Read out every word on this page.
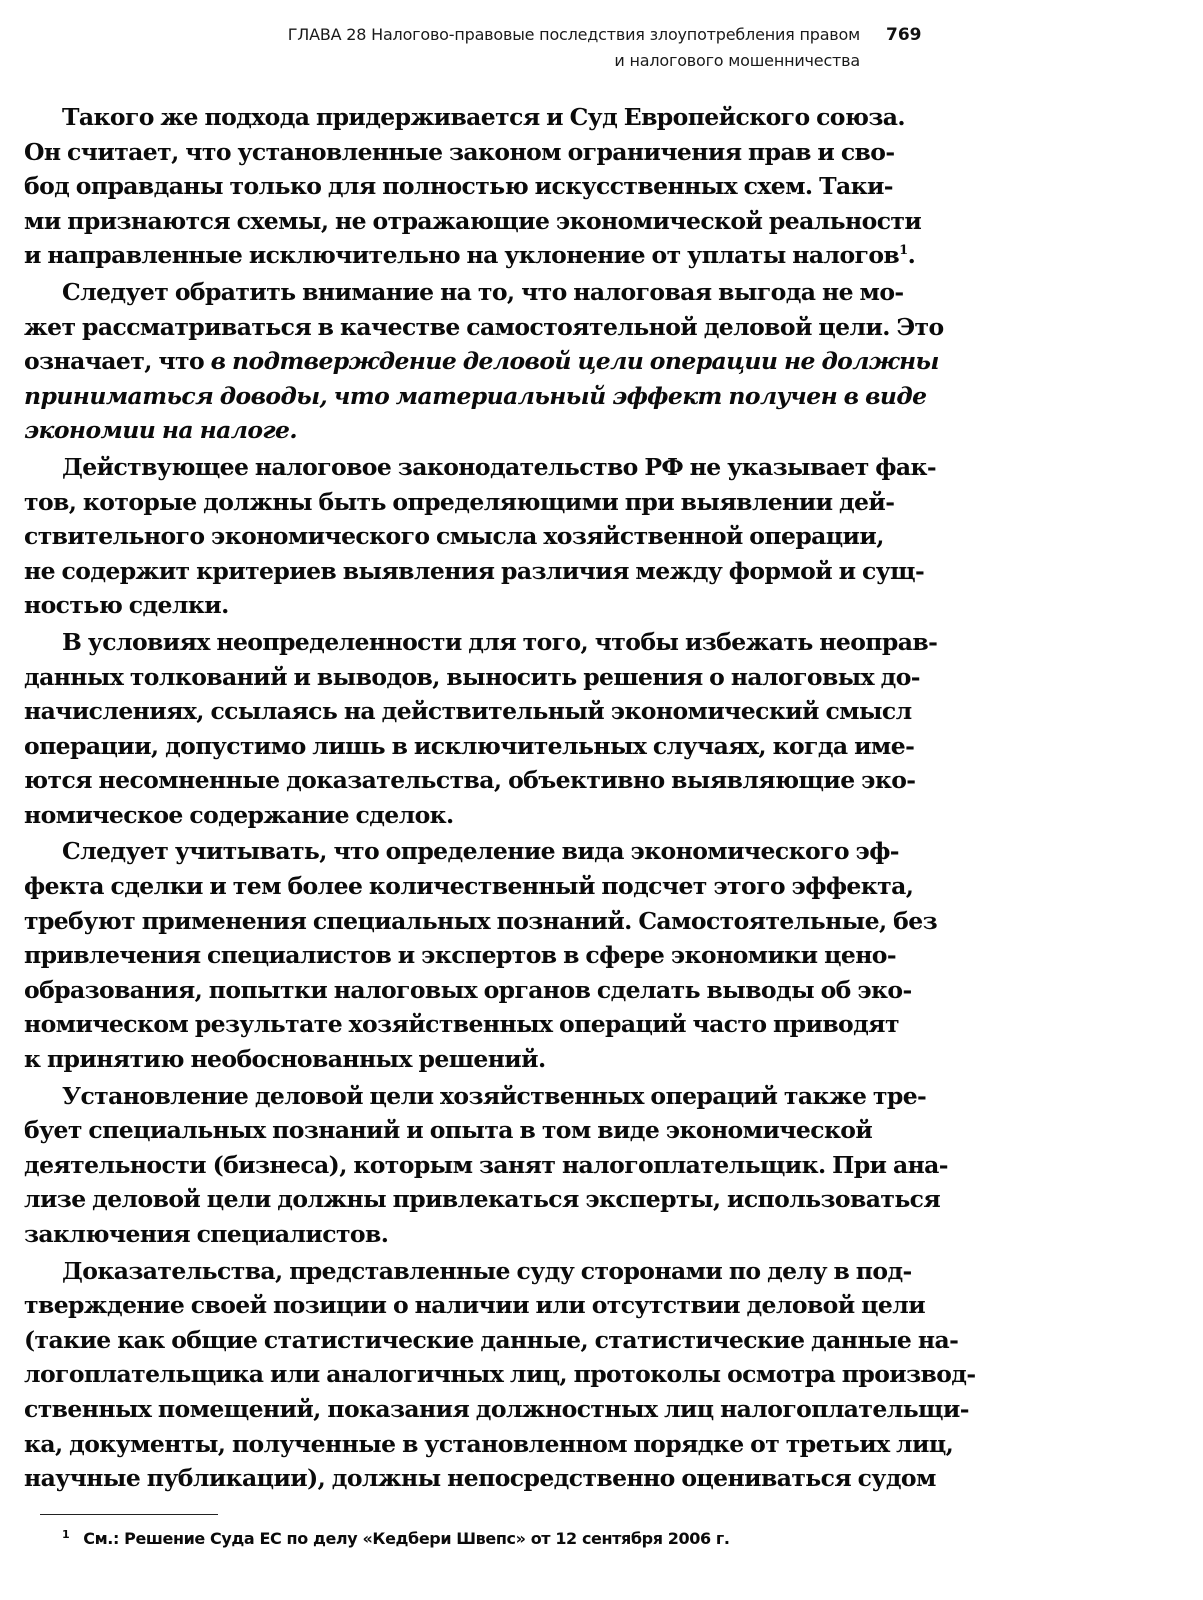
ГЛАВА 28 Налогово-правовые последствия злоупотребления правом
и налогового мошенничества
769
Такого же подхода придерживается и Суд Европейского союза.
Он считает, что установленные законом ограничения прав и сво-
бод оправданы только для полностью искусственных схем. Таки-
ми признаются схемы, не отражающие экономической реальности
и направленные исключительно на уклонение от уплаты налогов$^1$.
Следует обратить внимание на то, что налоговая выгода не мо-
жет рассматриваться в качестве самостоятельной деловой цели. Это
означает, что в подтверждение деловой цели операции не должны
приниматься доводы, что материальный эффект получен в виде
экономии на налоге.
Действующее налоговое законодательство РФ не указывает фак-
тов, которые должны быть определяющими при выявлении дей-
ствительного экономического смысла хозяйственной операции,
не содержит критериев выявления различия между формой и сущ-
ностью сделки.
В условиях неопределенности для того, чтобы избежать неоправ-
данных толкований и выводов, выносить решения о налоговых до-
начислениях, ссылаясь на действительный экономический смысл
операции, допустимо лишь в исключительных случаях, когда име-
ются несомненные доказательства, объективно выявляющие эко-
номическое содержание сделок.
Следует учитывать, что определение вида экономического эф-
фекта сделки и тем более количественный подсчет этого эффекта,
требуют применения специальных познаний. Самостоятельные, без
привлечения специалистов и экспертов в сфере экономики цено-
образования, попытки налоговых органов сделать выводы об эко-
номическом результате хозяйственных операций часто приводят
к принятию необоснованных решений.
Установление деловой цели хозяйственных операций также тре-
бует специальных познаний и опыта в том виде экономической
деятельности (бизнеса), которым занят налогоплательщик. При ана-
лизе деловой цели должны привлекаться эксперты, использоваться
заключения специалистов.
Доказательства, представленные суду сторонами по делу в под-
тверждение своей позиции о наличии или отсутствии деловой цели
(такие как общие статистические данные, статистические данные на-
логоплательщика или аналогичных лиц, протоколы осмотра производ-
ственных помещений, показания должностных лиц налогоплательщи-
ка, документы, полученные в установленном порядке от третьих лиц,
научные публикации), должны непосредственно оцениваться судом
$^1$ См.: Решение Суда ЕС по делу «Кедбери Швепс» от 12 сентября 2006 г.
